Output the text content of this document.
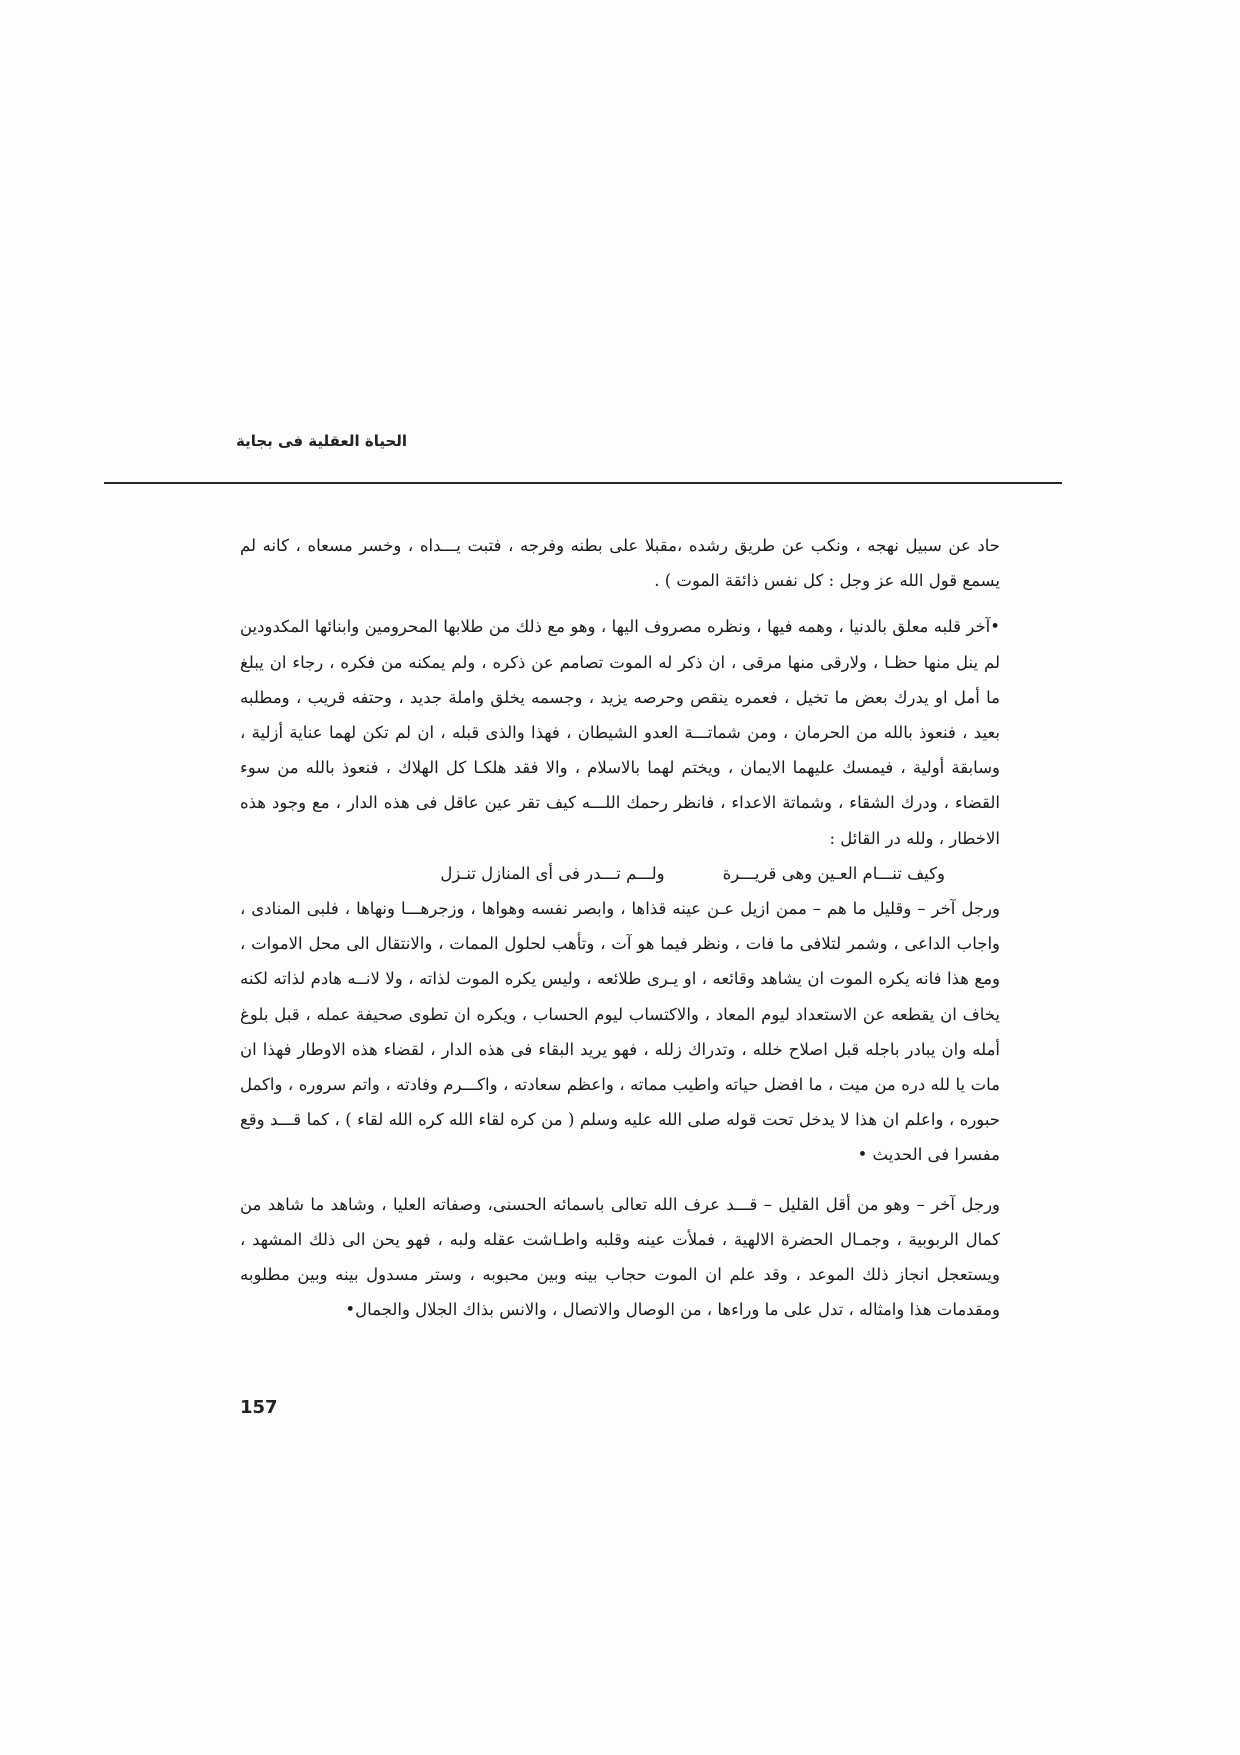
الحياة العقلية فى بجاية

حاد عن سبيل نهجه ، ونكب عن طريق رشده ،مقبلا على بطنه وفرجه ، فتبت يـــداه ، وخسر مسعاه ، كانه لم يسمع قول الله عز وجل : كل نفس ذائقة الموت ) .

•آخر قلبه معلق بالدنيا ، وهمه فيها ، ونظره مصروف اليها ، وهو مع ذلك من طلابها المحرومين وابنائها المكدودين لم ينل منها حظـا ، ولارقى منها مرقى ، ان ذكر له الموت تصامم عن ذكره ، ولم يمكنه من فكره ، رجاء ان يبلغ ما أمل او يدرك بعض ما تخيل ، فعمره ينقص وحرصه يزيد ، وجسمه يخلق واملة جديد ، وحتفه قريب ، ومطلبه بعيد ، فنعوذ بالله من الحرمان ، ومن شماتـــة العدو الشيطان ، فهذا والذى قبله ، ان لم تكن لهما عناية أزلية ، وسابقة أولية ، فيمسك عليهما الايمان ، ويختم لهما بالاسلام ، والا فقد هلكـا كل الهلاك ، فنعوذ بالله من سوء القضاء ، ودرك الشقاء ، وشماتة الاعداء ، فانظر رحمك اللـــه كيف تقر عين عاقل فى هذه الدار ، مع وجود هذه الاخطار ، ولله در القائل :

وكيف تنـــام العـين وهى قريـــرة
ولـــم تـــدر فى أى المنازل تنـزل

ورجل آخر – وقليل ما هم – ممن ازيل عـن عينه قذاها ، وابصر نفسه وهواها ، وزجرهـــا ونهاها ، فلبى المنادى ، واجاب الداعى ، وشمر لتلافى ما فات ، ونظر فيما هو آت ، وتأهب لحلول الممات ، والانتقال الى محل الاموات ، ومع هذا فانه يكره الموت ان يشاهد وقائعه ، او يـرى طلائعه ، وليس يكره الموت لذاته ، ولا لانــه هادم لذاته لكنه يخاف ان يقطعه عن الاستعداد ليوم المعاد ، والاكتساب ليوم الحساب ، ويكره ان تطوى صحيفة عمله ، قبل بلوغ أمله وان يبادر باجله قبل اصلاح خلله ، وتدراك زلله ، فهو يريد البقاء فى هذه الدار ، لقضاء هذه الاوطار فهذا ان مات يا لله دره من ميت ، ما افضل حياته واطيب مماته ، واعظم سعادته ، واكـــرم وفادته ، واتم سروره ، واكمل حبوره ، واعلم ان هذا لا يدخل تحت قوله صلى الله عليه وسلم ( من كره لقاء الله كره الله لقاء ) ، كما قـــد وقع مفسرا فى الحديث •

ورجل آخر – وهو من أقل القليل – قـــد عرف الله تعالى باسمائه الحسنى، وصفاته العليا ، وشاهد ما شاهد من كمال الربوبية ، وجمـال الحضرة الالهية ، فملأت عينه وقلبه واطـاشت عقله ولبه ، فهو يحن الى ذلك المشهد ، ويستعجل انجاز ذلك الموعد ، وقد علم ان الموت حجاب بينه وبين محبوبه ، وستر مسدول بينه وبين مطلوبه ومقدمات هذا وامثاله ، تدل على ما وراءها ، من الوصال والاتصال ، والانس بذاك الجلال والجمال•

157
